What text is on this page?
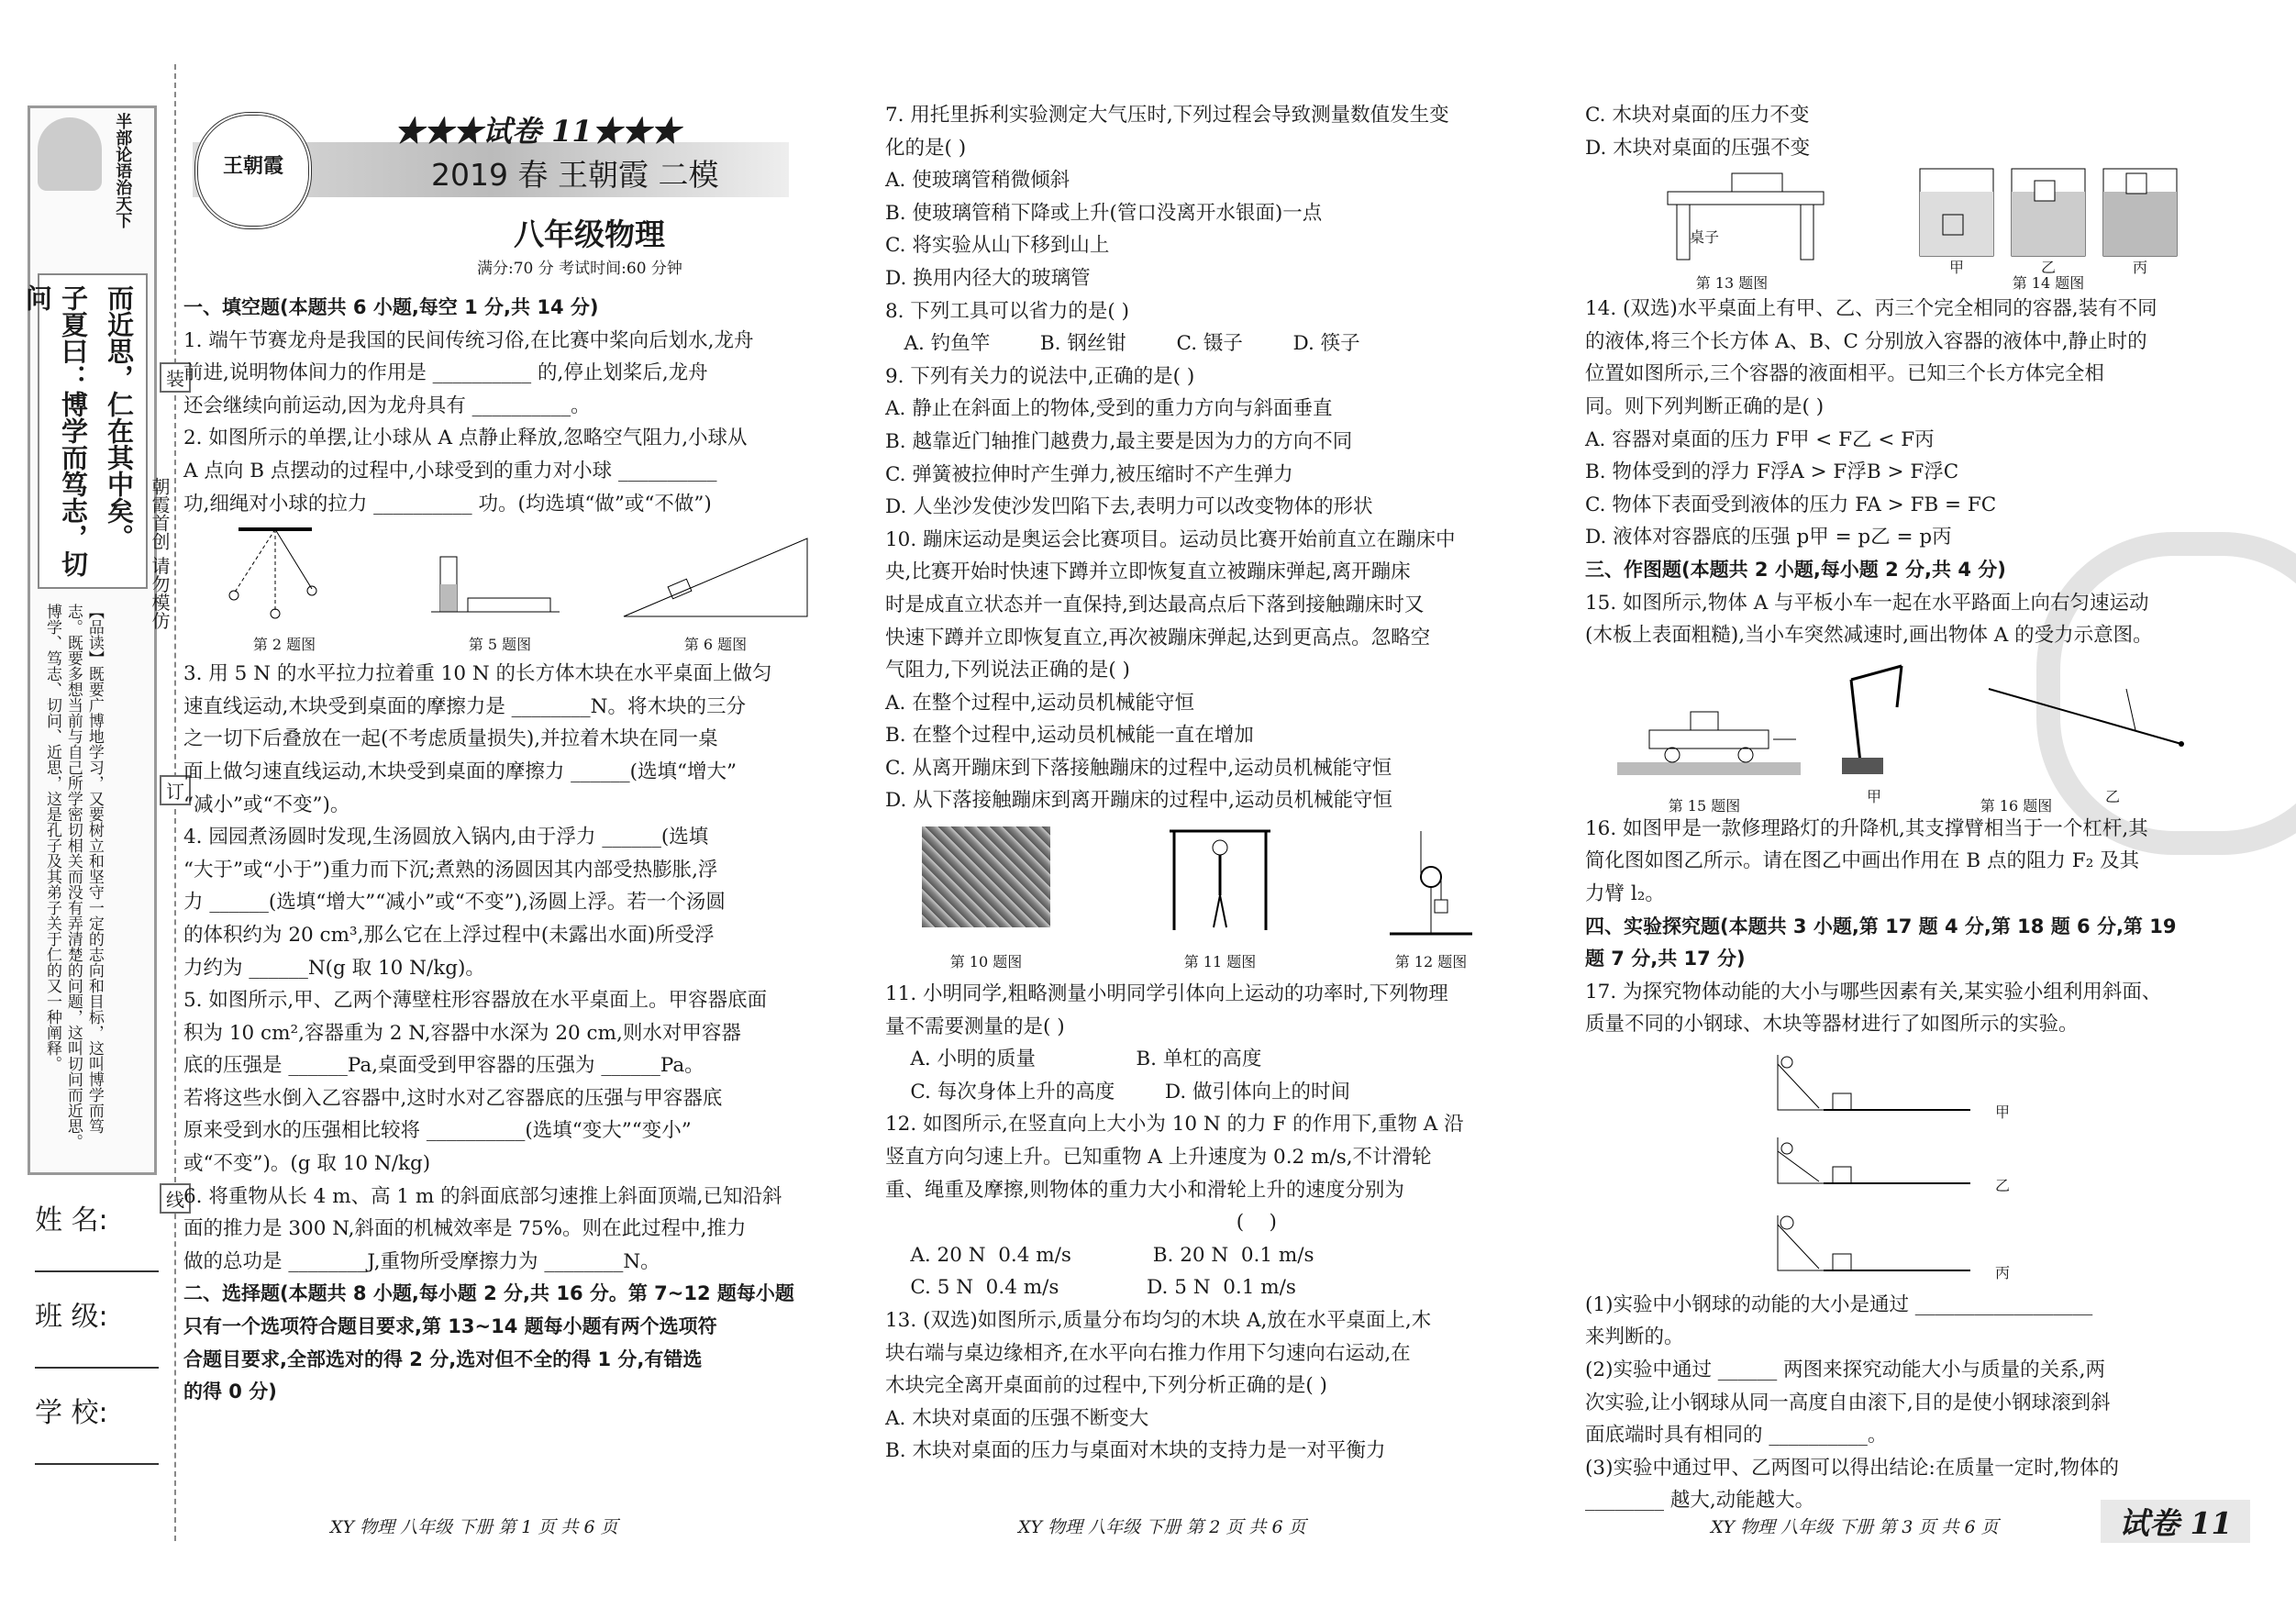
半部论语治天下
子夏曰：博学而笃志，切问	而近思，仁在其中矣。
【品读】既要广博地学习，又要树立和坚守一定的志向和目标，这叫博学而笃志。既要多想当前与自己所学密切相关而没有弄清楚的问题，这叫切问而近思。博学、笃志、切问、近思，这是孔子及其弟子关于仁的又一种阐释。
姓 名:
班 级:
学 校:
装
订
线
朝霞首创 请勿模仿
王朝霞
★★★试卷 11★★★
2019 春 王朝霞 二模
八年级物理
满分:70 分 考试时间:60 分钟
一、填空题(本题共 6 小题,每空 1 分,共 14 分)
1. 端午节赛龙舟是我国的民间传统习俗,在比赛中桨向后划水,龙舟
前进,说明物体间力的作用是 __________ 的,停止划桨后,龙舟
还会继续向前运动,因为龙舟具有 __________。
2. 如图所示的单摆,让小球从 A 点静止释放,忽略空气阻力,小球从
A 点向 B 点摆动的过程中,小球受到的重力对小球 __________
功,细绳对小球的拉力 __________ 功。(均选填“做”或“不做”)
第 2 题图	第 5 题图	第 6 题图
3. 用 5 N 的水平拉力拉着重 10 N 的长方体木块在水平桌面上做匀
速直线运动,木块受到桌面的摩擦力是 ________N。将木块的三分
之一切下后叠放在一起(不考虑质量损失),并拉着木块在同一桌
面上做匀速直线运动,木块受到桌面的摩擦力 ______(选填“增大”
“减小”或“不变”)。
4. 园园煮汤圆时发现,生汤圆放入锅内,由于浮力 ______(选填
“大于”或“小于”)重力而下沉;煮熟的汤圆因其内部受热膨胀,浮
力 ______(选填“增大”“减小”或“不变”),汤圆上浮。若一个汤圆
的体积约为 20 cm³,那么它在上浮过程中(未露出水面)所受浮
力约为 ______N(g 取 10 N/kg)。
5. 如图所示,甲、乙两个薄壁柱形容器放在水平桌面上。甲容器底面
积为 10 cm²,容器重为 2 N,容器中水深为 20 cm,则水对甲容器
底的压强是 ______Pa,桌面受到甲容器的压强为 ______Pa。
若将这些水倒入乙容器中,这时水对乙容器底的压强与甲容器底
原来受到水的压强相比较将 __________(选填“变大”“变小”
或“不变”)。(g 取 10 N/kg)
6. 将重物从长 4 m、高 1 m 的斜面底部匀速推上斜面顶端,已知沿斜
面的推力是 300 N,斜面的机械效率是 75%。则在此过程中,推力
做的总功是 ________J,重物所受摩擦力为 ________N。
二、选择题(本题共 8 小题,每小题 2 分,共 16 分。第 7~12 题每小题
只有一个选项符合题目要求,第 13~14 题每小题有两个选项符
合题目要求,全部选对的得 2 分,选对但不全的得 1 分,有错选
的得 0 分)
7. 用托里拆利实验测定大气压时,下列过程会导致测量数值发生变
化的是( )
A. 使玻璃管稍微倾斜
B. 使玻璃管稍下降或上升(管口没离开水银面)一点
C. 将实验从山下移到山上
D. 换用内径大的玻璃管
8. 下列工具可以省力的是( )
A. 钓鱼竿        B. 钢丝钳        C. 镊子        D. 筷子
9. 下列有关力的说法中,正确的是( )
A. 静止在斜面上的物体,受到的重力方向与斜面垂直
B. 越靠近门轴推门越费力,最主要是因为力的方向不同
C. 弹簧被拉伸时产生弹力,被压缩时不产生弹力
D. 人坐沙发使沙发凹陷下去,表明力可以改变物体的形状
10. 蹦床运动是奥运会比赛项目。运动员比赛开始前直立在蹦床中
央,比赛开始时快速下蹲并立即恢复直立被蹦床弹起,离开蹦床
时是成直立状态并一直保持,到达最高点后下落到接触蹦床时又
快速下蹲并立即恢复直立,再次被蹦床弹起,达到更高点。忽略空
气阻力,下列说法正确的是( )
A. 在整个过程中,运动员机械能守恒
B. 在整个过程中,运动员机械能一直在增加
C. 从离开蹦床到下落接触蹦床的过程中,运动员机械能守恒
D. 从下落接触蹦床到离开蹦床的过程中,运动员机械能守恒
第 10 题图	第 11 题图	第 12 题图
11. 小明同学,粗略测量小明同学引体向上运动的功率时,下列物理
量不需要测量的是( )
A. 小明的质量                B. 单杠的高度
C. 每次身体上升的高度        D. 做引体向上的时间
12. 如图所示,在竖直向上大小为 10 N 的力 F 的作用下,重物 A 沿
竖直方向匀速上升。已知重物 A 上升速度为 0.2 m/s,不计滑轮
重、绳重及摩擦,则物体的重力大小和滑轮上升的速度分别为
(    )
A. 20 N  0.4 m/s             B. 20 N  0.1 m/s
C. 5 N  0.4 m/s              D. 5 N  0.1 m/s
13. (双选)如图所示,质量分布均匀的木块 A,放在水平桌面上,木
块右端与桌边缘相齐,在水平向右推力作用下匀速向右运动,在
木块完全离开桌面前的过程中,下列分析正确的是( )
A. 木块对桌面的压强不断变大
B. 木块对桌面的压力与桌面对木块的支持力是一对平衡力
C. 木块对桌面的压力不变
D. 木块对桌面的压强不变
桌子
第 13 题图
甲	乙	丙
第 14 题图
14. (双选)水平桌面上有甲、乙、丙三个完全相同的容器,装有不同
的液体,将三个长方体 A、B、C 分别放入容器的液体中,静止时的
位置如图所示,三个容器的液面相平。已知三个长方体完全相
同。则下列判断正确的是( )
A. 容器对桌面的压力 F甲 < F乙 < F丙
B. 物体受到的浮力 F浮A > F浮B > F浮C
C. 物体下表面受到液体的压力 FA > FB = FC
D. 液体对容器底的压强 p甲 = p乙 = p丙
三、作图题(本题共 2 小题,每小题 2 分,共 4 分)
15. 如图所示,物体 A 与平板小车一起在水平路面上向右匀速运动
(木板上表面粗糙),当小车突然减速时,画出物体 A 的受力示意图。
第 15 题图
甲	乙
第 16 题图
16. 如图甲是一款修理路灯的升降机,其支撑臂相当于一个杠杆,其
简化图如图乙所示。请在图乙中画出作用在 B 点的阻力 F₂ 及其
力臂 l₂。
四、实验探究题(本题共 3 小题,第 17 题 4 分,第 18 题 6 分,第 19
题 7 分,共 17 分)
17. 为探究物体动能的大小与哪些因素有关,某实验小组利用斜面、
质量不同的小钢球、木块等器材进行了如图所示的实验。
甲
乙
丙
(1)实验中小钢球的动能的大小是通过 __________________
来判断的。
(2)实验中通过 ______ 两图来探究动能大小与质量的关系,两
次实验,让小钢球从同一高度自由滚下,目的是使小钢球滚到斜
面底端时具有相同的 __________。
(3)实验中通过甲、乙两图可以得出结论:在质量一定时,物体的
________ 越大,动能越大。
XY 物理 八年级 下册 第 1 页 共 6 页	XY 物理 八年级 下册 第 2 页 共 6 页	XY 物理 八年级 下册 第 3 页 共 6 页	试卷 11
